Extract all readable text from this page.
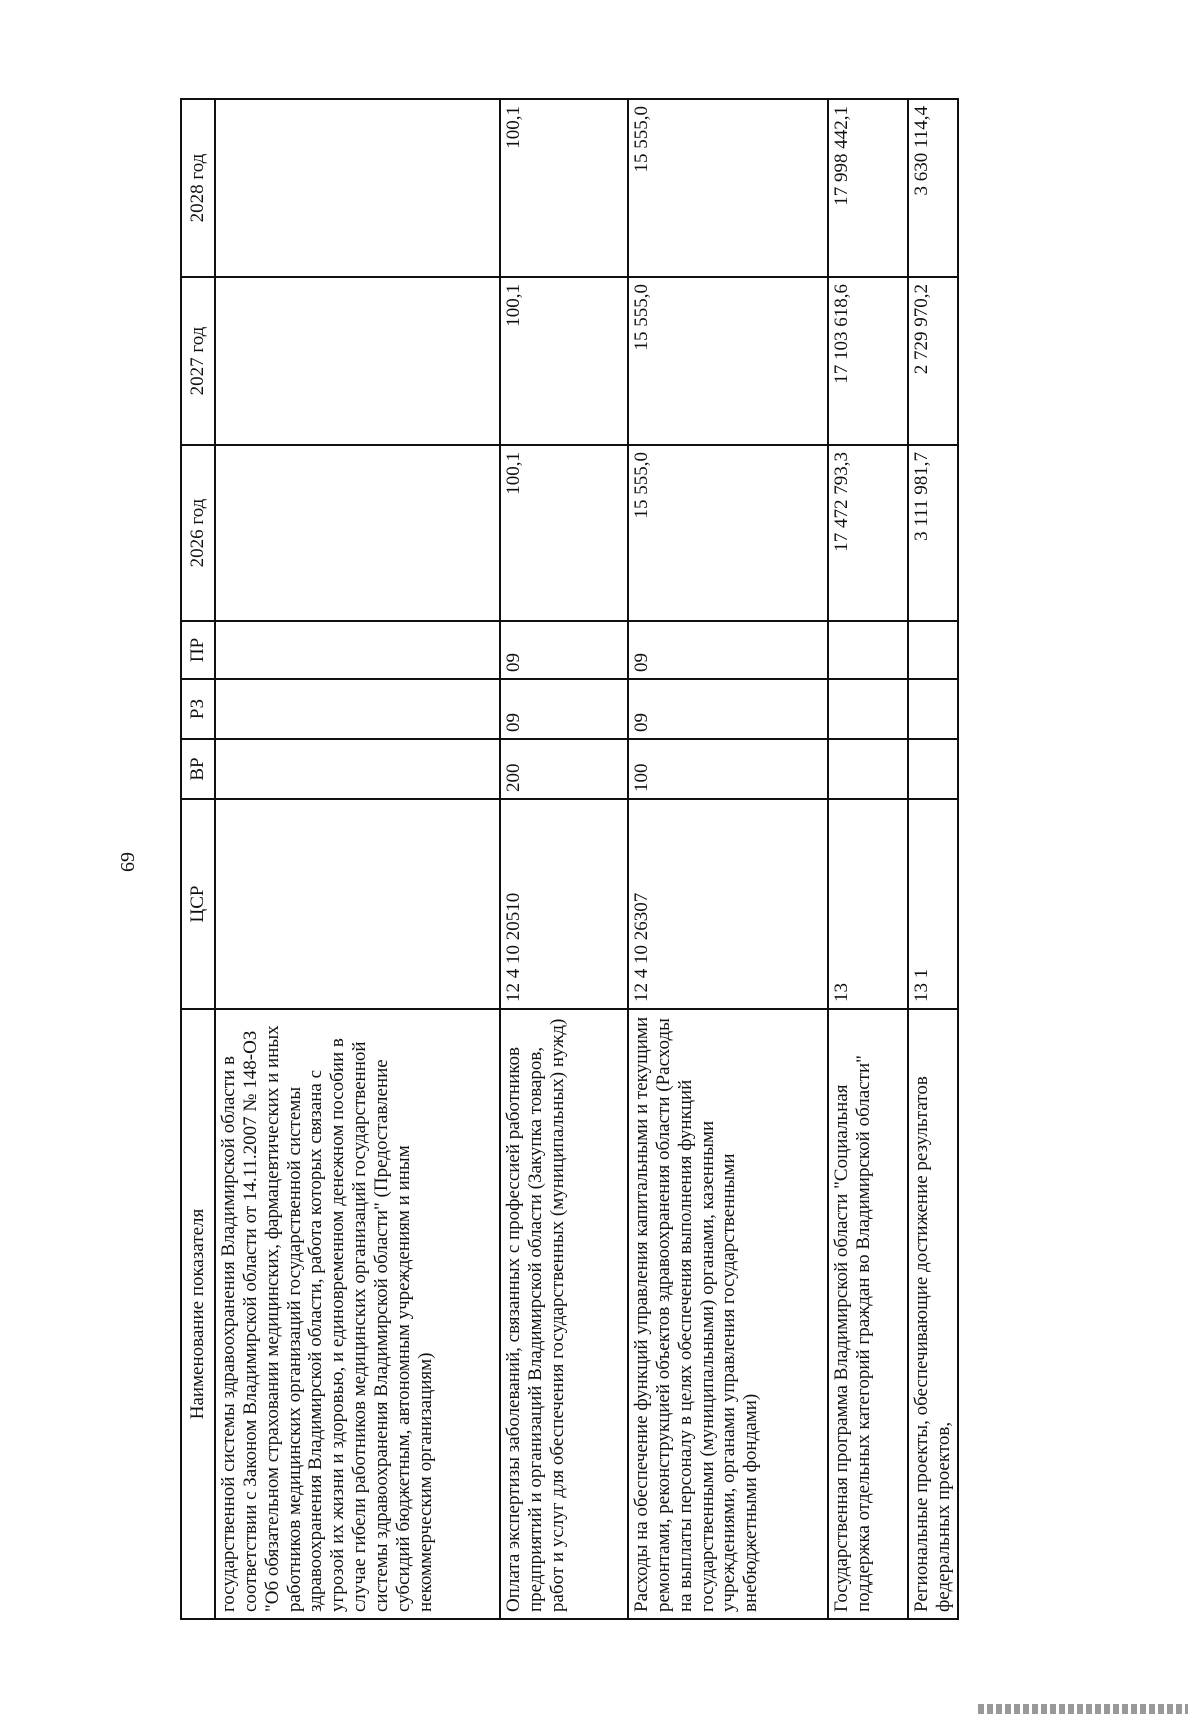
69
Наименование показателя	ЦСР	ВР	РЗ	ПР	2026 год	2027 год	2028 год
государственной системы здравоохранения Владимирской области в соответствии с Законом Владимирской области от 14.11.2007 № 148-ОЗ "Об обязательном страховании медицинских, фармацевтических и иных работников медицинских организаций государственной системы здравоохранения Владимирской области, работа которых связана с угрозой их жизни и здоровью, и единовременном денежном пособии в случае гибели работников медицинских организаций государственной системы здравоохранения Владимирской области" (Предоставление субсидий бюджетным, автономным учреждениям и иным некоммерческим организациям)							
Оплата экспертизы заболеваний, связанных с профессией работников предприятий и организаций Владимирской области (Закупка товаров, работ и услуг для обеспечения государственных (муниципальных) нужд)	12 4 10 20510	200	09	09	100,1	100,1	100,1
Расходы на обеспечение функций управления капитальными и текущими ремонтами, реконструкцией объектов здравоохранения области (Расходы на выплаты персоналу в целях обеспечения выполнения функций государственными (муниципальными) органами, казенными учреждениями, органами управления государственными внебюджетными фондами)	12 4 10 26307	100	09	09	15 555,0	15 555,0	15 555,0
Государственная программа Владимирской области "Социальная поддержка отдельных категорий граждан во Владимирской области"	13				17 472 793,3	17 103 618,6	17 998 442,1
Региональные проекты, обеспечивающие достижение результатов федеральных проектов,	13 1				3 111 981,7	2 729 970,2	3 630 114,4
